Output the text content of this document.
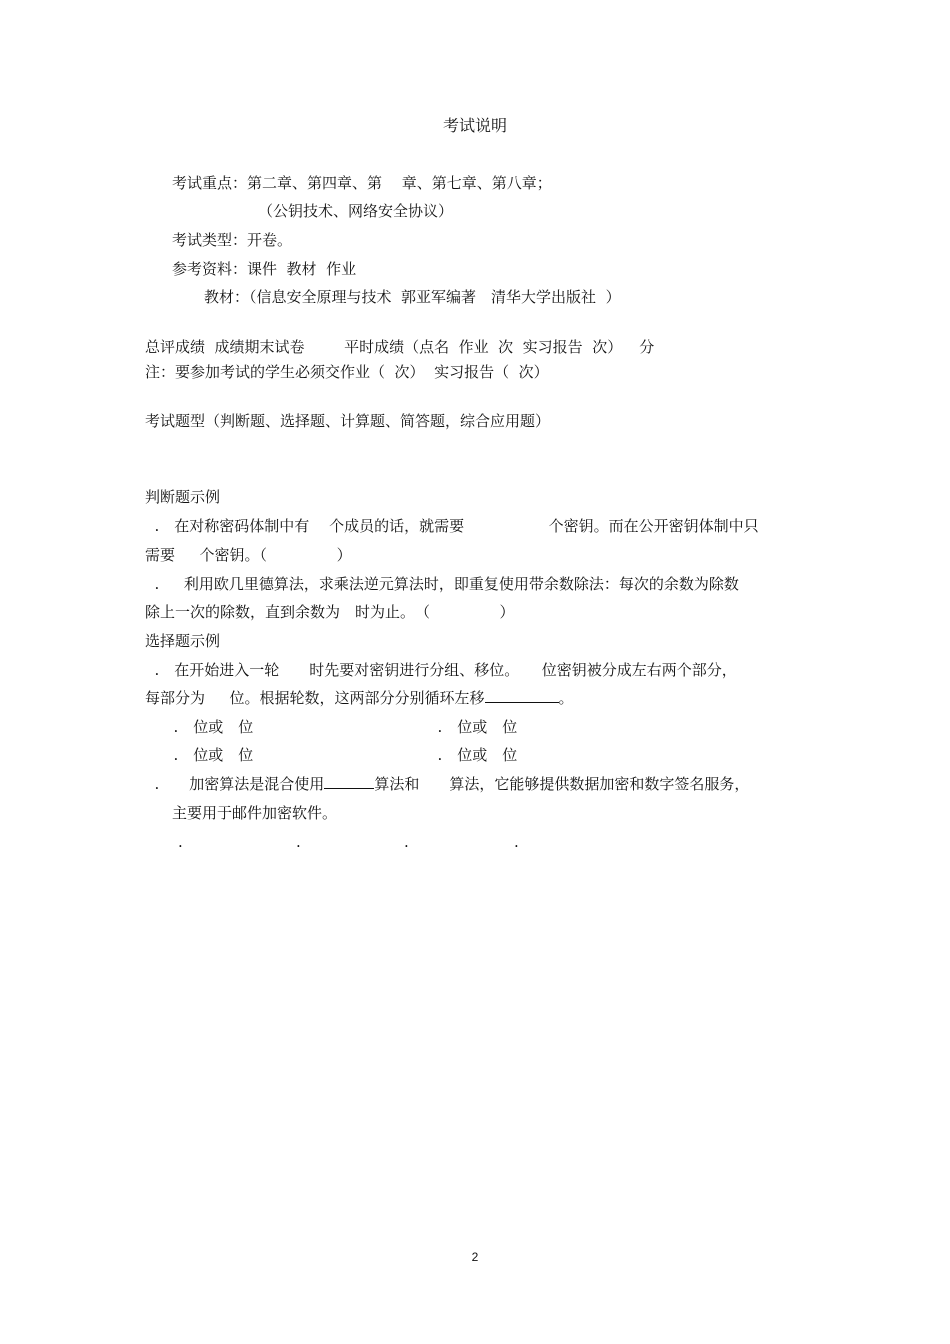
考试说明
考试重点：第二章、第四章、第　 章、第七章、第八章；
（公钥技术、网络安全协议）
考试类型：开卷。
参考资料：课件  教材  作业
教材：（信息安全原理与技术  郭亚军编著　清华大学出版社  ）
总评成绩  成绩期末试卷　　  平时成绩（点名  作业  次  实习报告  次）　  分
注：要参加考试的学生必须交作业（  次）  实习报告（  次）
考试题型（判断题、选择题、计算题、简答题，综合应用题）
判断题示例
.　在对称密码体制中有　 个成员的话，就需要　　　　　  个密钥。而在公开密钥体制中只
需要　  个密钥。（　　　　  ）
.　  利用欧几里德算法，求乘法逆元算法时，即重复使用带余数除法：每次的余数为除数
除上一次的除数，直到余数为　时为止。　（　　　　  ）
选择题示例
.　在开始进入一轮　　时先要对密钥进行分组、移位。　　位密钥被分成左右两个部分，
每部分为　  位。根据轮数，这两部分分别循环左移	。
.　位或　位	.　位或　位
.　位或　位	.　位或　位
.　　加密算法是混合使用	算法和　　算法，它能够提供数据加密和数字签名服务，
主要用于邮件加密软件。
.	.	.	.
2
